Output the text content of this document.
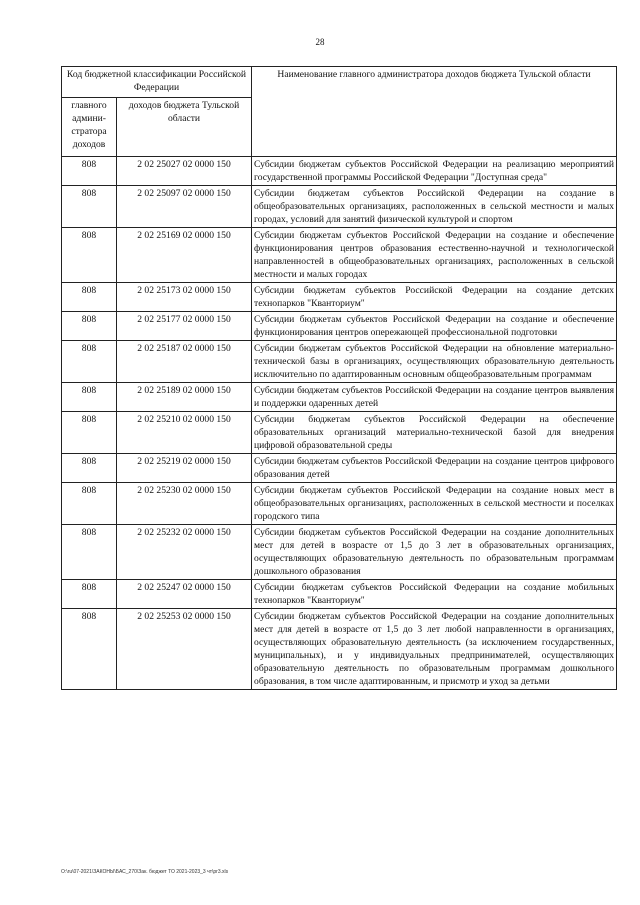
28
Код бюджетной классификации Российской Федерации		Наименование главного администратора доходов бюджета Тульской области
главного админи-стратора доходов	доходов бюджета Тульской области	
808	2 02 25027 02 0000 150	Субсидии бюджетам субъектов Российской Федерации на реализацию мероприятий государственной программы Российской Федерации "Доступная среда"
808	2 02 25097 02 0000 150	Субсидии бюджетам субъектов Российской Федерации на создание в общеобразовательных организациях, расположенных в сельской местности и малых городах, условий для занятий физической культурой и спортом
808	2 02 25169 02 0000 150	Субсидии бюджетам субъектов Российской Федерации на создание и обеспечение функционирования центров образования естественно-научной и технологической направленностей в общеобразовательных организациях, расположенных в сельской местности и малых городах
808	2 02 25173 02 0000 150	Субсидии бюджетам субъектов Российской Федерации на создание детских технопарков "Кванториум"
808	2 02 25177 02 0000 150	Субсидии бюджетам субъектов Российской Федерации на создание и обеспечение функционирования центров опережающей профессиональной подготовки
808	2 02 25187 02 0000 150	Субсидии бюджетам субъектов Российской Федерации на обновление материально-технической базы в организациях, осуществляющих образовательную деятельность исключительно по адаптированным основным общеобразовательным программам
808	2 02 25189 02 0000 150	Субсидии бюджетам субъектов Российской Федерации на создание центров выявления и поддержки одаренных детей
808	2 02 25210 02 0000 150	Субсидии бюджетам субъектов Российской Федерации на обеспечение образовательных организаций материально-технической базой для внедрения цифровой образовательной среды
808	2 02 25219 02 0000 150	Субсидии бюджетам субъектов Российской Федерации на создание центров цифрового образования детей
808	2 02 25230 02 0000 150	Субсидии бюджетам субъектов Российской Федерации на создание новых мест в общеобразовательных организациях, расположенных в сельской местности и поселках городского типа
808	2 02 25232 02 0000 150	Субсидии бюджетам субъектов Российской Федерации на создание дополнительных мест для детей в возрасте от 1,5 до 3 лет в образовательных организациях, осуществляющих образовательную деятельность по образовательным программам дошкольного образования
808	2 02 25247 02 0000 150	Субсидии бюджетам субъектов Российской Федерации на создание мобильных технопарков "Кванториум"
808	2 02 25253 02 0000 150	Субсидии бюджетам субъектов Российской Федерации на создание дополнительных мест для детей в возрасте от 1,5 до 3 лет любой направленности в организациях, осуществляющих образовательную деятельность (за исключением государственных, муниципальных), и у индивидуальных предпринимателей, осуществляющих образовательную деятельность по образовательным программам дошкольного образования, в том числе адаптированным, и присмотр и уход за детьми
O:\ru\07-2021\ЗАКОНЫ\БАС_270\Зак. бюджет ТО 2021-2023_3 чт\pr3.xls
